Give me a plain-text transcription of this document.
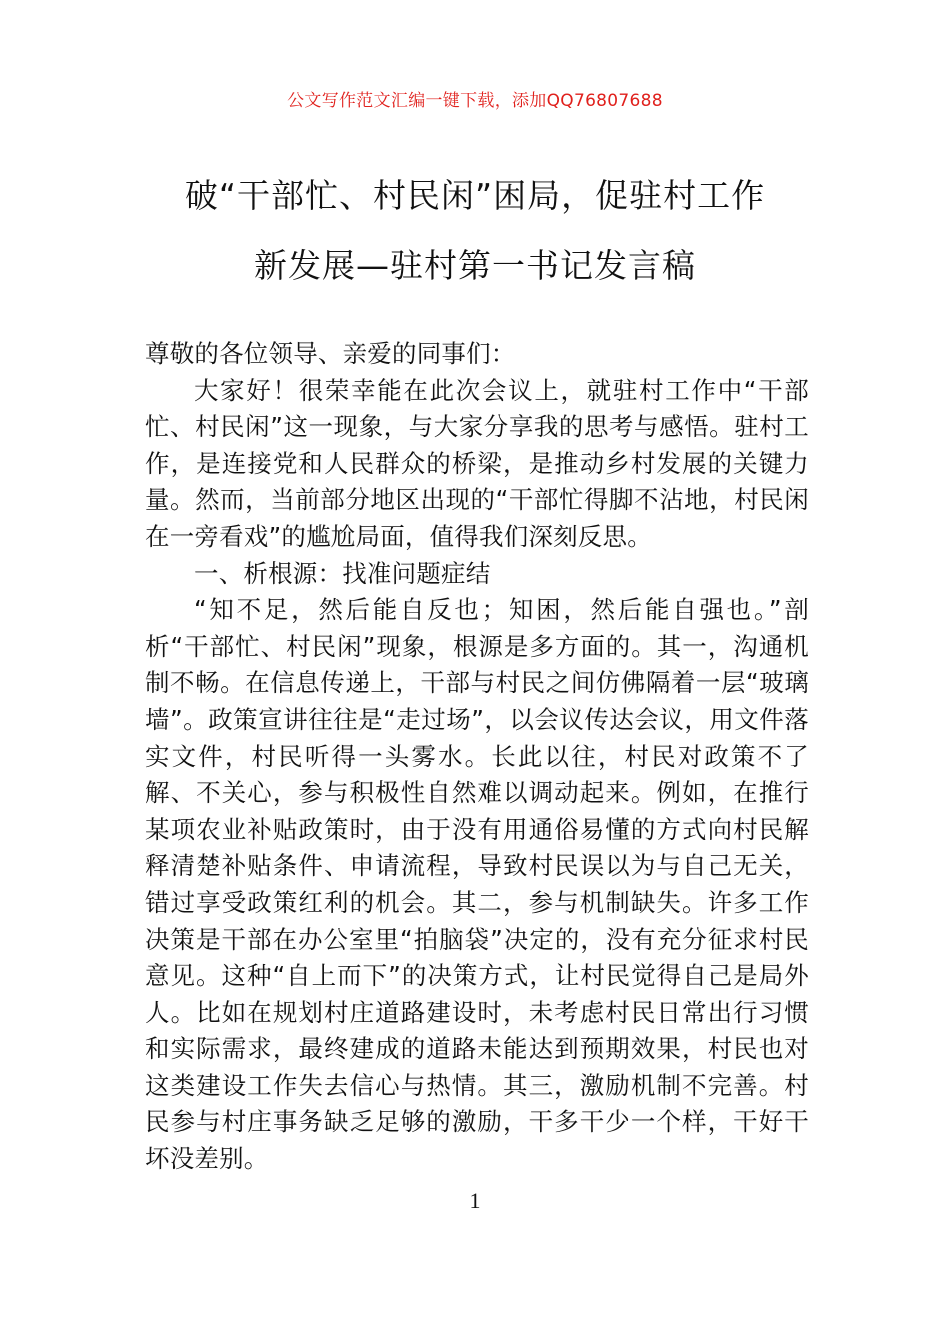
公文写作范文汇编一键下载，添加QQ76807688
破“干部忙、村民闲”困局，促驻村工作
新发展—驻村第一书记发言稿

尊敬的各位领导、亲爱的同事们：

大家好！很荣幸能在此次会议上，就驻村工作中“干部忙、村民闲”这一现象，与大家分享我的思考与感悟。驻村工作，是连接党和人民群众的桥梁，是推动乡村发展的关键力量。然而，当前部分地区出现的“干部忙得脚不沾地，村民闲在一旁看戏”的尴尬局面，值得我们深刻反思。

一、析根源：找准问题症结

“知不足，然后能自反也；知困，然后能自强也。”剖析“干部忙、村民闲”现象，根源是多方面的。其一，沟通机制不畅。在信息传递上，干部与村民之间仿佛隔着一层“玻璃墙”。政策宣讲往往是“走过场”，以会议传达会议，用文件落实文件，村民听得一头雾水。长此以往，村民对政策不了解、不关心，参与积极性自然难以调动起来。例如，在推行某项农业补贴政策时，由于没有用通俗易懂的方式向村民解释清楚补贴条件、申请流程，导致村民误以为与自己无关，错过享受政策红利的机会。其二，参与机制缺失。许多工作决策是干部在办公室里“拍脑袋”决定的，没有充分征求村民意见。这种“自上而下”的决策方式，让村民觉得自己是局外人。比如在规划村庄道路建设时，未考虑村民日常出行习惯和实际需求，最终建成的道路未能达到预期效果，村民也对这类建设工作失去信心与热情。其三，激励机制不完善。村民参与村庄事务缺乏足够的激励，干多干少一个样，干好干坏没差别。

1
